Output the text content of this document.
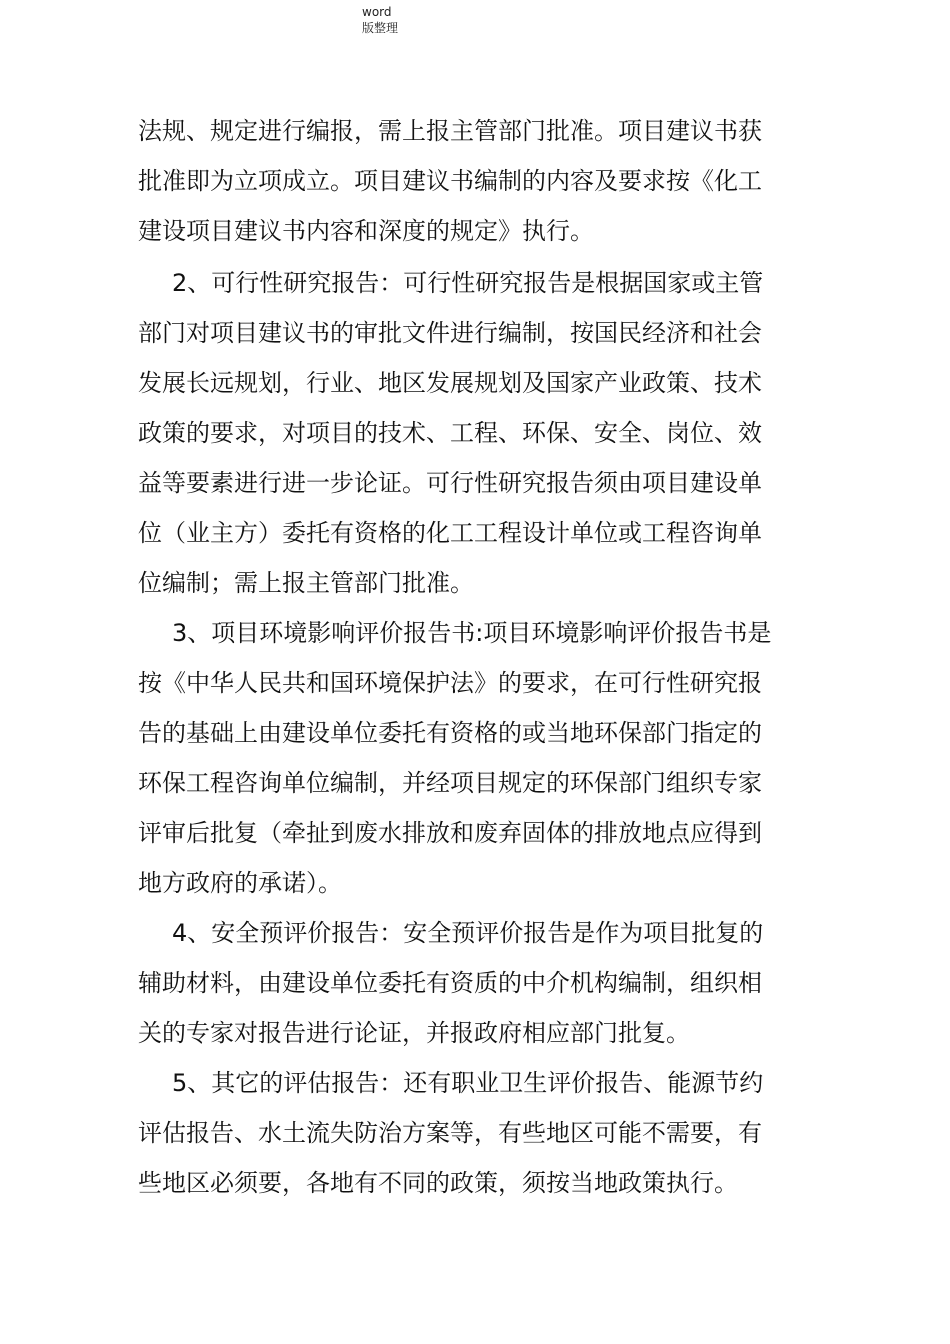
word
版整理
法规、规定进行编报，需上报主管部门批准。项目建议书获
批准即为立项成立。项目建议书编制的内容及要求按《化工
建设项目建议书内容和深度的规定》执行。
2、可行性研究报告：可行性研究报告是根据国家或主管
部门对项目建议书的审批文件进行编制，按国民经济和社会
发展长远规划，行业、地区发展规划及国家产业政策、技术
政策的要求，对项目的技术、工程、环保、安全、岗位、效
益等要素进行进一步论证。可行性研究报告须由项目建设单
位（业主方）委托有资格的化工工程设计单位或工程咨询单
位编制；需上报主管部门批准。
3、项目环境影响评价报告书:项目环境影响评价报告书是
按《中华人民共和国环境保护法》的要求，在可行性研究报
告的基础上由建设单位委托有资格的或当地环保部门指定的
环保工程咨询单位编制，并经项目规定的环保部门组织专家
评审后批复（牵扯到废水排放和废弃固体的排放地点应得到
地方政府的承诺）。
4、安全预评价报告：安全预评价报告是作为项目批复的
辅助材料，由建设单位委托有资质的中介机构编制，组织相
关的专家对报告进行论证，并报政府相应部门批复。
5、其它的评估报告：还有职业卫生评价报告、能源节约
评估报告、水土流失防治方案等，有些地区可能不需要，有
些地区必须要，各地有不同的政策，须按当地政策执行。
